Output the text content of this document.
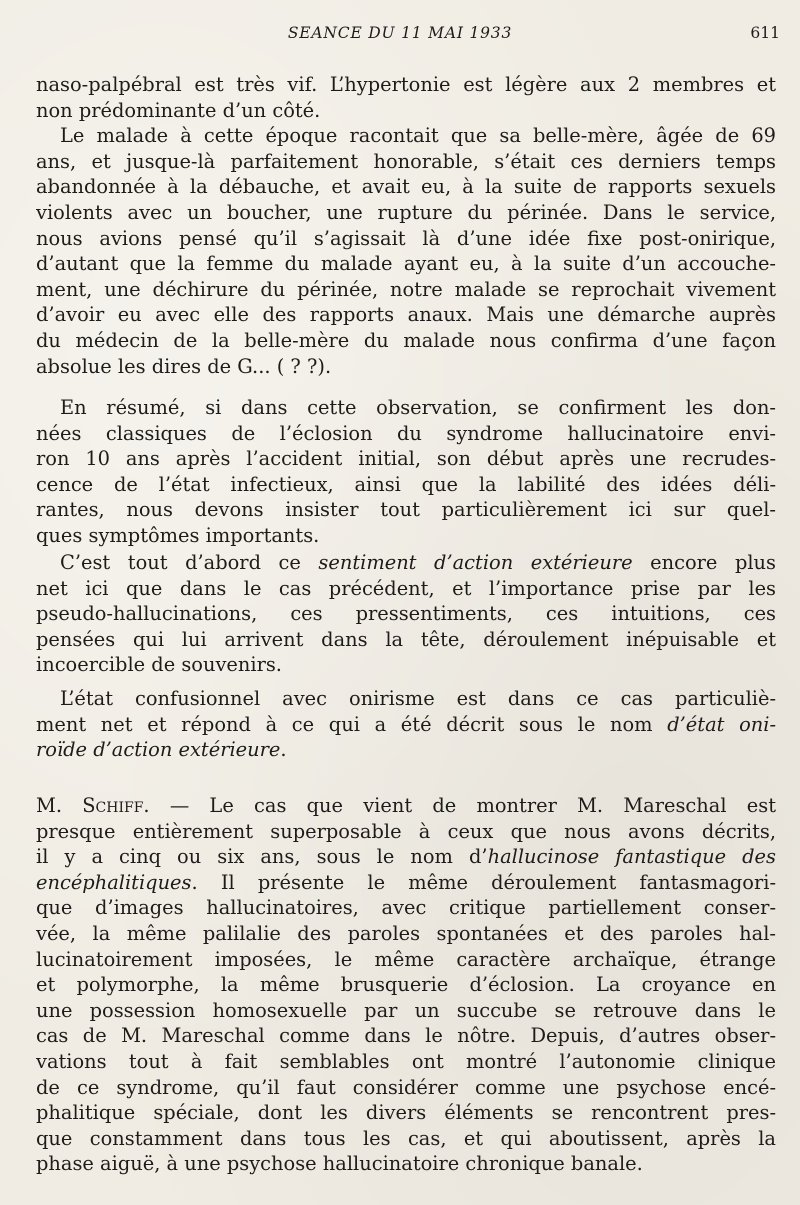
SEANCE DU 11 MAI 1933	611
naso-palpébral est très vif. L’hypertonie est légère aux 2 membres et
non prédominante d’un côté.
Le malade à cette époque racontait que sa belle-mère, âgée de 69
ans, et jusque-là parfaitement honorable, s’était ces derniers temps
abandonnée à la débauche, et avait eu, à la suite de rapports sexuels
violents avec un boucher, une rupture du périnée. Dans le service,
nous avions pensé qu’il s’agissait là d’une idée fixe post-onirique,
d’autant que la femme du malade ayant eu, à la suite d’un accouche-
ment, une déchirure du périnée, notre malade se reprochait vivement
d’avoir eu avec elle des rapports anaux. Mais une démarche auprès
du médecin de la belle-mère du malade nous confirma d’une façon
absolue les dires de G... ( ? ?).
En résumé, si dans cette observation, se confirment les don-
nées classiques de l’éclosion du syndrome hallucinatoire envi-
ron 10 ans après l’accident initial, son début après une recrudes-
cence de l’état infectieux, ainsi que la labilité des idées déli-
rantes, nous devons insister tout particulièrement ici sur quel-
ques symptômes importants.
C’est tout d’abord ce sentiment d’action extérieure encore plus
net ici que dans le cas précédent, et l’importance prise par les
pseudo-hallucinations, ces pressentiments, ces intuitions, ces
pensées qui lui arrivent dans la tête, déroulement inépuisable et
incoercible de souvenirs.
L’état confusionnel avec onirisme est dans ce cas particuliè-
ment net et répond à ce qui a été décrit sous le nom d’état oni-
roïde d’action extérieure.
M. Schiff. — Le cas que vient de montrer M. Mareschal est
presque entièrement superposable à ceux que nous avons décrits,
il y a cinq ou six ans, sous le nom d’hallucinose fantastique des
encéphalitiques. Il présente le même déroulement fantasmagori-
que d’images hallucinatoires, avec critique partiellement conser-
vée, la même palilalie des paroles spontanées et des paroles hal-
lucinatoirement imposées, le même caractère archaïque, étrange
et polymorphe, la même brusquerie d’éclosion. La croyance en
une possession homosexuelle par un succube se retrouve dans le
cas de M. Mareschal comme dans le nôtre. Depuis, d’autres obser-
vations tout à fait semblables ont montré l’autonomie clinique
de ce syndrome, qu’il faut considérer comme une psychose encé-
phalitique spéciale, dont les divers éléments se rencontrent pres-
que constamment dans tous les cas, et qui aboutissent, après la
phase aiguë, à une psychose hallucinatoire chronique banale.
